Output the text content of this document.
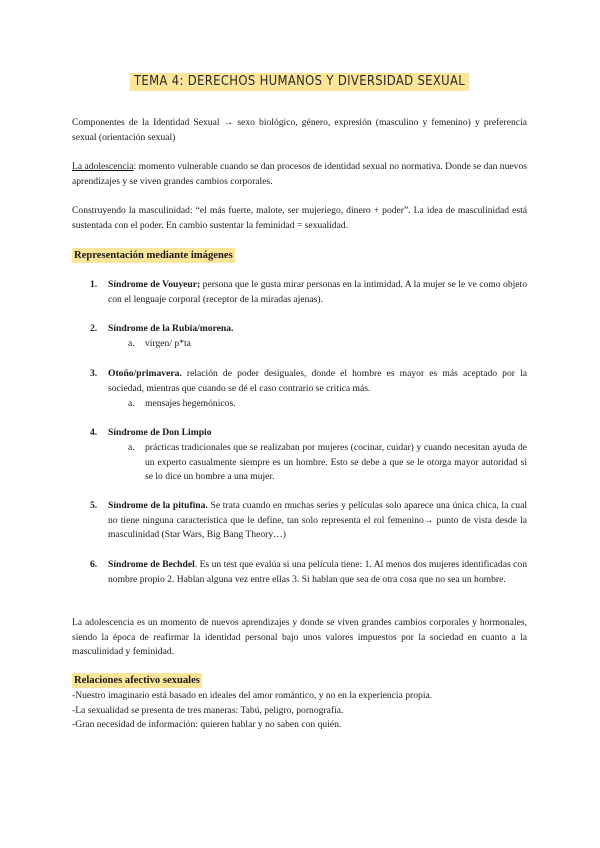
TEMA 4: DERECHOS HUMANOS Y DIVERSIDAD SEXUAL
Componentes de la Identidad Sexual → sexo biológico, género, expresión (masculino y femenino) y preferencia sexual (orientación sexual)
La adolescencia: momento vulnerable cuando se dan procesos de identidad sexual no normativa. Donde se dan nuevos aprendizajes y se viven grandes cambios corporales.
Construyendo la masculinidad: “el más fuerte, malote, ser mujeriego, dinero + poder”. La idea de masculinidad está sustentada con el poder. En cambio sustentar la feminidad = sexualidad.
Representación mediante imágenes
1.	Síndrome de Vouyeur; persona que le gusta mirar personas en la intimidad. A la mujer se le ve como objeto con el lenguaje corporal (receptor de la miradas ajenas).
2.	Síndrome de la Rubia/morena.
a. virgen/ p*ta
3.	Otoño/primavera. relación de poder desiguales, donde el hombre es mayor es más aceptado por la sociedad, mientras que cuando se dé el caso contrario se critica más.
a. mensajes hegemónicos.
4.	Síndrome de Don Limpio
a. prácticas tradicionales que se realizaban por mujeres (cocinar, cuidar) y cuando necesitan ayuda de un experto casualmente siempre es un hombre. Esto se debe a que se le otorga mayor autoridad si se lo dice un hombre a una mujer.
5.	Síndrome de la pitufina. Se trata cuando en muchas series y películas solo aparece una única chica, la cual no tiene ninguna característica que le define, tan solo representa el rol femenino→ punto de vista desde la masculinidad (Star Wars, Big Bang Theory…)
6.	Síndrome de Bechdel. Es un test que evalúa si una película tiene: 1. Al menos dos mujeres identificadas con nombre propio 2. Hablan alguna vez entre ellas 3. Si hablan que sea de otra cosa que no sea un hombre.
La adolescencia es un momento de nuevos aprendizajes y donde se viven grandes cambios corporales y hormonales, siendo la época de reafirmar la identidad personal bajo unos valores impuestos por la sociedad en cuanto a la masculinidad y feminidad.
Relaciones afectivo sexuales
-Nuestro imaginario está basado en ideales del amor romántico, y no en la experiencia propia.
-La sexualidad se presenta de tres maneras: Tabú, peligro, pornografía.
-Gran necesidad de información: quieren hablar y no saben con quién.
